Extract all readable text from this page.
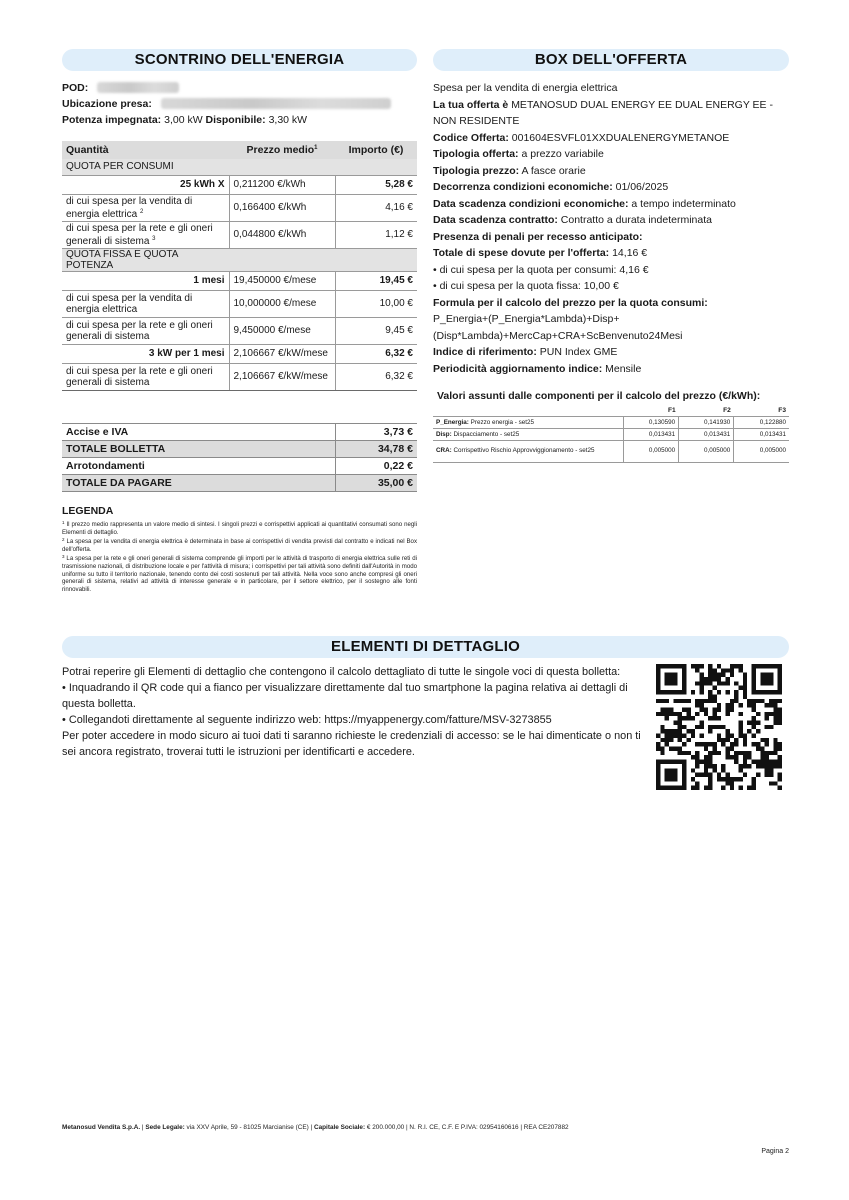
SCONTRINO DELL'ENERGIA
POD:
Ubicazione presa:
Potenza impegnata: 3,00 kW Disponibile: 3,30 kW
Quantità	Prezzo medio$^1$	Importo (€)
QUOTA PER CONSUMI		
25 kWh X	0,211200 €/kWh	5,28 €
di cui spesa per la vendita di energia elettrica $^2$	0,166400 €/kWh	4,16 €
di cui spesa per la rete e gli oneri generali di sistema $^3$	0,044800 €/kWh	1,12 €
QUOTA FISSA E QUOTA POTENZA		
1 mesi	19,450000 €/mese	19,45 €
di cui spesa per la vendita di energia elettrica	10,000000 €/mese	10,00 €
di cui spesa per la rete e gli oneri generali di sistema	9,450000 €/mese	9,45 €
3 kW per 1 mesi	2,106667 €/kW/mese	6,32 €
di cui spesa per la rete e gli oneri generali di sistema	2,106667 €/kW/mese	6,32 €
Accise e IVA	3,73 €
TOTALE BOLLETTA	34,78 €
Arrotondamenti	0,22 €
TOTALE DA PAGARE	35,00 €
LEGENDA

$^1$ Il prezzo medio rappresenta un valore medio di sintesi. I singoli prezzi e corrispettivi applicati ai quantitativi consumati sono negli Elementi di dettaglio.

$^2$ La spesa per la vendita di energia elettrica è determinata in base ai corrispettivi di vendita previsti dal contratto e indicati nel Box dell'offerta.

$^3$ La spesa per la rete e gli oneri generali di sistema comprende gli importi per le attività di trasporto di energia elettrica sulle reti di trasmissione nazionali, di distribuzione locale e per l'attività di misura; i corrispettivi per tali attività sono definiti dall'Autorità in modo uniforme su tutto il territorio nazionale, tenendo conto dei costi sostenuti per tali attività. Nella voce sono anche compresi gli oneri generali di sistema, relativi ad attività di interesse generale e in particolare, per il settore elettrico, per il sostegno alle fonti rinnovabili.

BOX DELL'OFFERTA
Spesa per la vendita di energia elettrica
La tua offerta è METANOSUD DUAL ENERGY EE DUAL ENERGY EE - NON RESIDENTE
Codice Offerta: 001604ESVFL01XXDUALENERGYMETANOE
Tipologia offerta: a prezzo variabile
Tipologia prezzo: A fasce orarie
Decorrenza condizioni economiche: 01/06/2025
Data scadenza condizioni economiche: a tempo indeterminato
Data scadenza contratto: Contratto a durata indeterminata
Presenza di penali per recesso anticipato:
Totale di spese dovute per l'offerta: 14,16 €
• di cui spesa per la quota per consumi: 4,16 €
• di cui spesa per la quota fissa: 10,00 €
Formula per il calcolo del prezzo per la quota consumi:
P_Energia+(P_Energia*Lambda)+Disp+
(Disp*Lambda)+MercCap+CRA+ScBenvenuto24Mesi
Indice di riferimento: PUN Index GME
Periodicità aggiornamento indice: Mensile
Valori assunti dalle componenti per il calcolo del prezzo (€/kWh):
	F1	F2	F3
P_Energia: Prezzo energia - set25	0,130590	0,141930	0,122880
Disp: Dispacciamento - set25	0,013431	0,013431	0,013431
CRA: Corrispettivo Rischio Approvviggionamento - set25	0,005000	0,005000	0,005000
ELEMENTI DI DETTAGLIO
Potrai reperire gli Elementi di dettaglio che contengono il calcolo dettagliato di tutte le singole voci di questa bolletta:
• Inquadrando il QR code qui a fianco per visualizzare direttamente dal tuo smartphone la pagina relativa ai dettagli di questa bolletta.
• Collegandoti direttamente al seguente indirizzo web: https://myappenergy.com/fatture/MSV-3273855
Per poter accedere in modo sicuro ai tuoi dati ti saranno richieste le credenziali di accesso: se le hai dimenticate o non ti sei ancora registrato, troverai tutti le istruzioni per identificarti e accedere.
Metanosud Vendita S.p.A. | Sede Legale: via XXV Aprile, 59 - 81025 Marcianise (CE) | Capitale Sociale: € 200.000,00 | N. R.I. CE, C.F. E P.IVA: 02954160616 | REA CE207882
Pagina 2
